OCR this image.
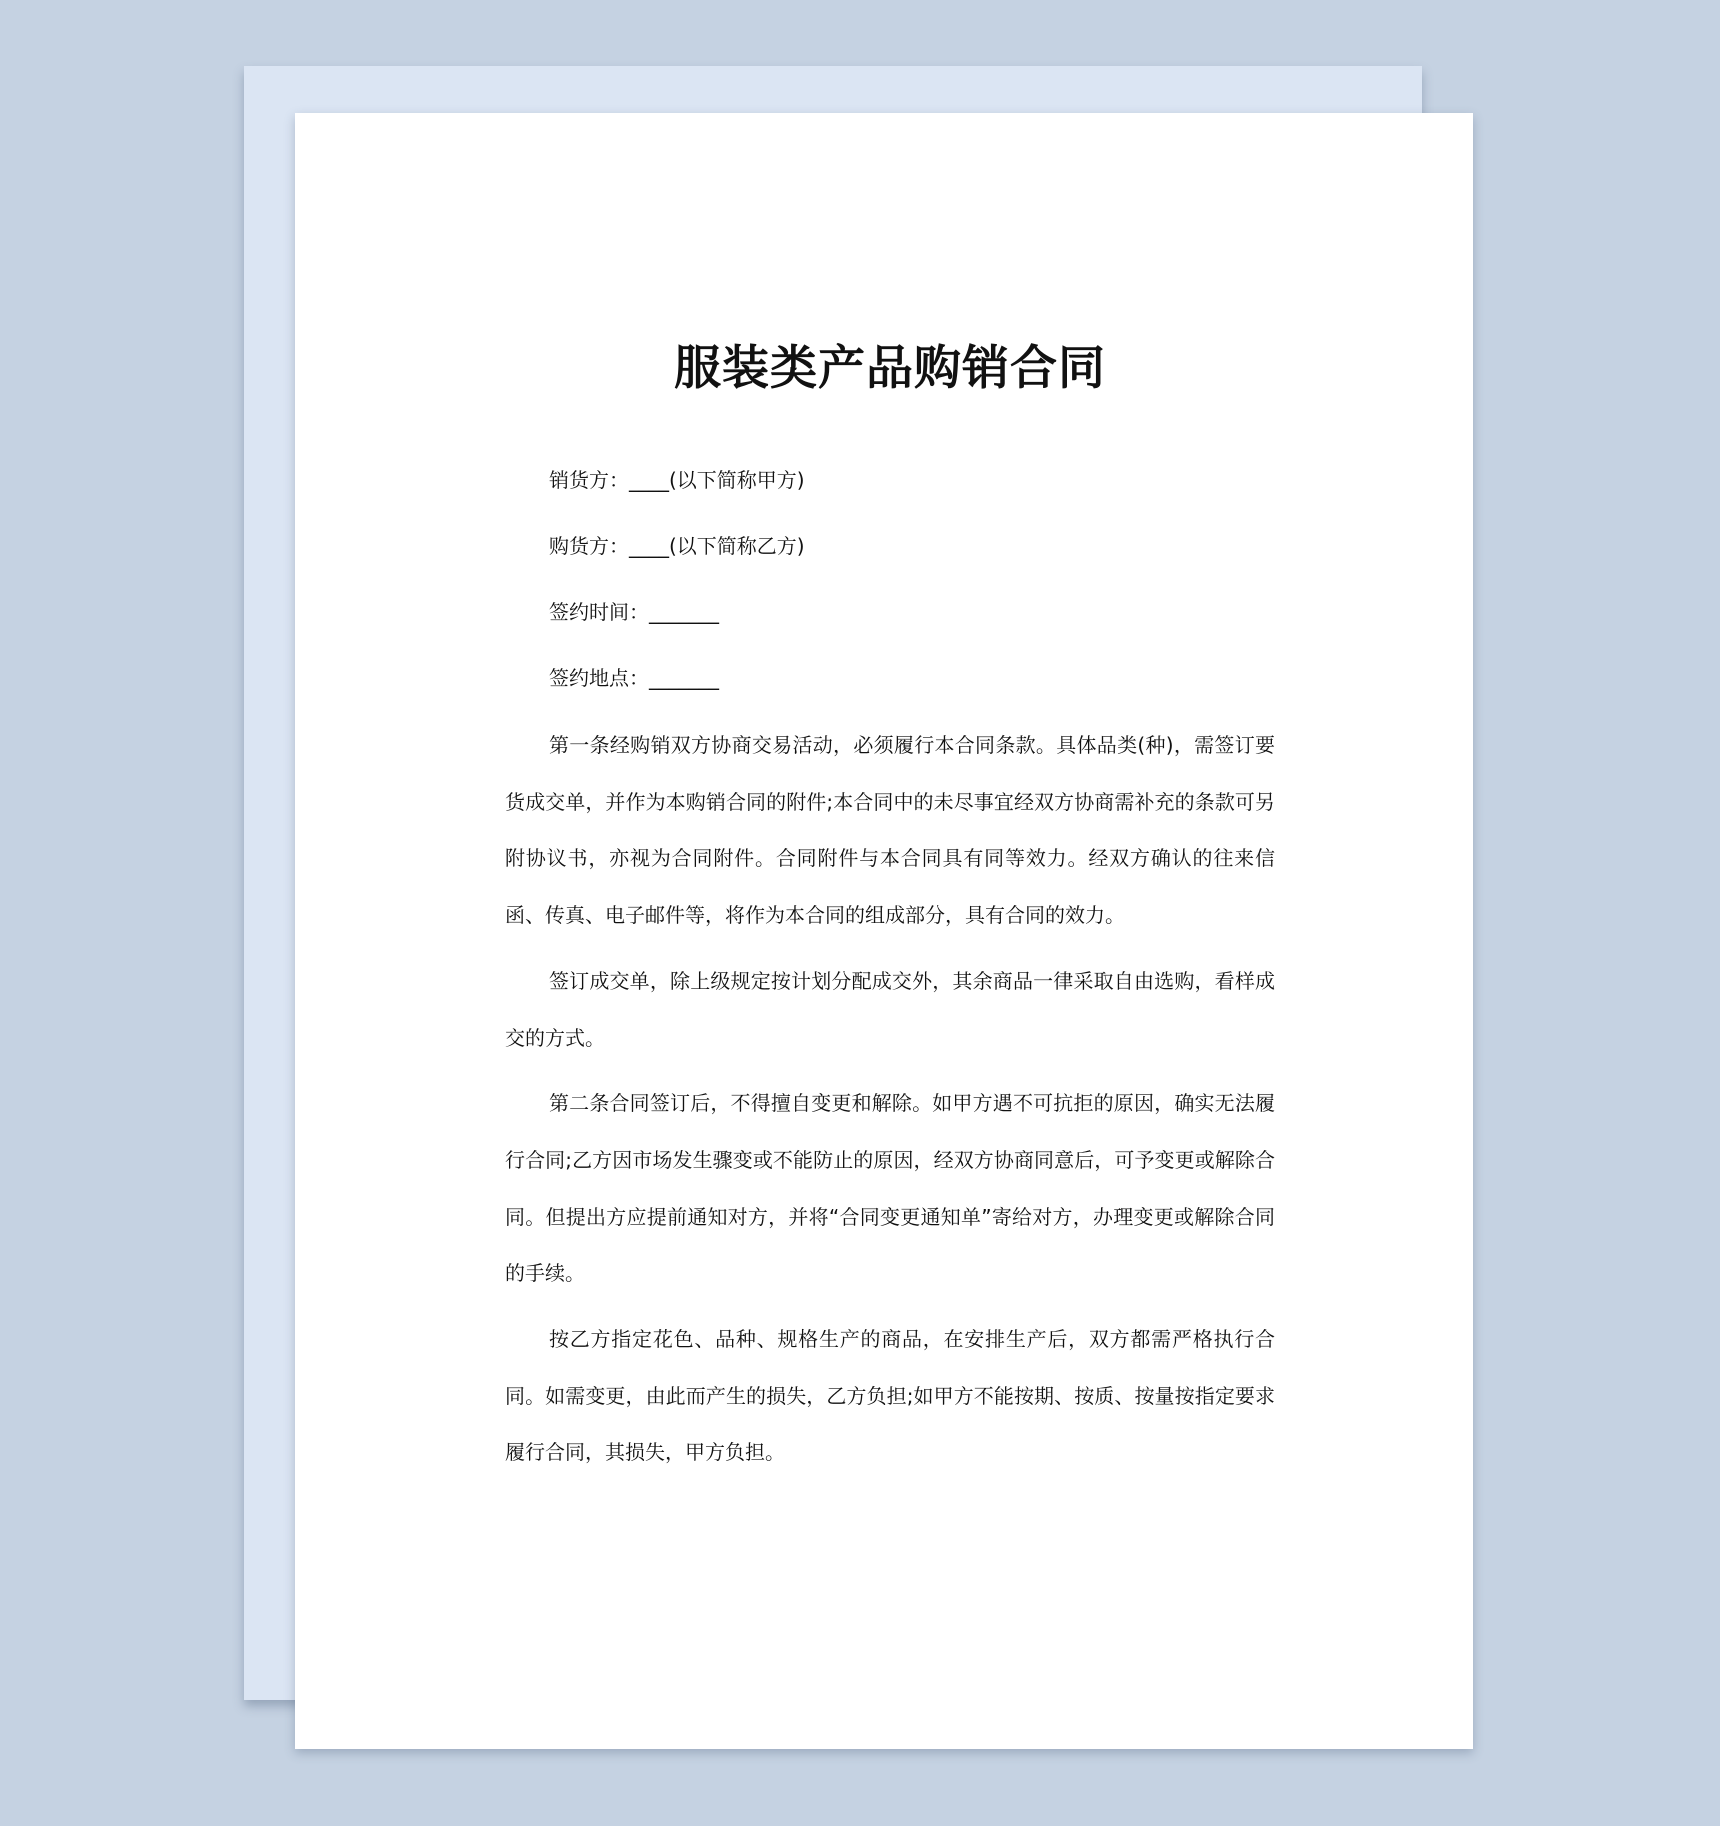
服装类产品购销合同

销货方：____(以下简称甲方)

购货方：____(以下简称乙方)

签约时间：_______

签约地点：_______

第一条经购销双方协商交易活动，必须履行本合同条款。具体品类(种)，需签订要货成交单，并作为本购销合同的附件;本合同中的未尽事宜经双方协商需补充的条款可另附协议书，亦视为合同附件。合同附件与本合同具有同等效力。经双方确认的往来信函、传真、电子邮件等，将作为本合同的组成部分，具有合同的效力。

签订成交单，除上级规定按计划分配成交外，其余商品一律采取自由选购，看样成交的方式。

第二条合同签订后，不得擅自变更和解除。如甲方遇不可抗拒的原因，确实无法履行合同;乙方因市场发生骤变或不能防止的原因，经双方协商同意后，可予变更或解除合同。但提出方应提前通知对方，并将“合同变更通知单”寄给对方，办理变更或解除合同的手续。

按乙方指定花色、品种、规格生产的商品，在安排生产后，双方都需严格执行合同。如需变更，由此而产生的损失，乙方负担;如甲方不能按期、按质、按量按指定要求履行合同，其损失，甲方负担。
